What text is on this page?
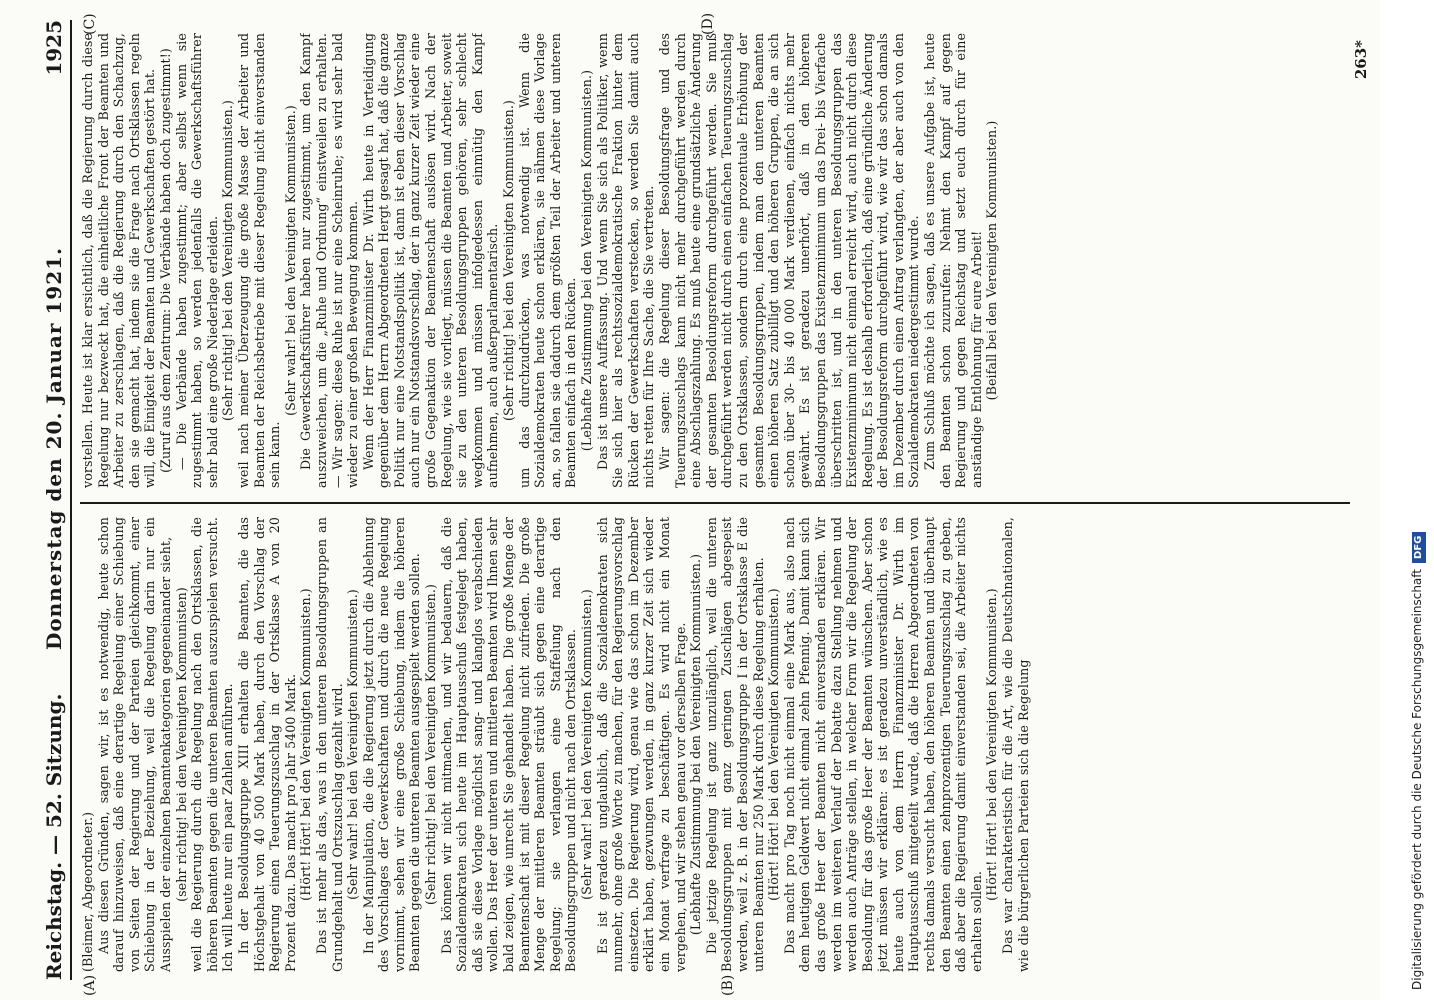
Reichstag. — 52. Sitzung.
Donnerstag den 20. Januar 1921.
1925
(A)	(B)
(C)	(D)

(Bleimer, Abgeordneter.) Aus diesen Gründen, sagen wir, ist es notwendig, heute schon darauf hinzuweisen, daß eine derartige Regelung einer Schiebung von Seiten der Regierung und der Parteien gleichkommt, einer Schiebung in der Beziehung, weil die Regelung darin nur ein Ausspielen der einzelnen Beamtenkategorien gegeneinander sieht, (sehr richtig! bei den Vereinigten Kommunisten) weil die Regierung durch die Regelung nach den Ortsklassen, die höheren Beamten gegen die unteren Beamten auszuspielen versucht. Ich will heute nur ein paar Zahlen anführen. In der Besoldungsgruppe XIII erhalten die Beamten, die das Höchstgehalt von 40 500 Mark haben, durch den Vorschlag der Regierung einen Teuerungszuschlag in der Ortsklasse A von 20 Prozent dazu. Das macht pro Jahr 5400 Mark. (Hört! Hört! bei den Vereinigten Kommunisten.) Das ist mehr als das, was in den unteren Besoldungsgruppen an Grundgehalt und Ortszuschlag gezahlt wird. (Sehr wahr! bei den Vereinigten Kommunisten.) In der Manipulation, die die Regierung jetzt durch die Ablehnung des Vorschlages der Gewerkschaften und durch die neue Regelung vornimmt, sehen wir eine große Schiebung, indem die höheren Beamten gegen die unteren Beamten ausgespielt werden sollen. (Sehr richtig! bei den Vereinigten Kommunisten.) Das können wir nicht mitmachen, und wir bedauern, daß die Sozialdemokraten sich heute im Hauptausschuß festgelegt haben, daß sie diese Vorlage möglichst sang- und klanglos verabschieden wollen. Das Heer der unteren und mittleren Beamten wird Ihnen sehr bald zeigen, wie unrecht Sie gehandelt haben. Die große Menge der Beamtenschaft ist mit dieser Regelung nicht zufrieden. Die große Menge der mittleren Beamten sträubt sich gegen eine derartige Regelung; sie verlangen eine Staffelung nach den Besoldungsgruppen und nicht nach den Ortsklassen. (Sehr wahr! bei den Vereinigten Kommunisten.) Es ist geradezu unglaublich, daß die Sozialdemokraten sich nunmehr, ohne große Worte zu machen, für den Regierungsvorschlag einsetzen. Die Regierung wird, genau wie das schon im Dezember erklärt haben, gezwungen werden, in ganz kurzer Zeit sich wieder ein Monat verfrage zu beschäftigen. Es wird nicht ein Monat vergehen, und wir stehen genau vor derselben Frage. (Lebhafte Zustimmung bei den Vereinigten Kommunisten.) Die jetzige Regelung ist ganz unzulänglich, weil die unteren Besoldungsgruppen mit ganz geringen Zuschlägen abgespeist werden, weil z. B. in der Besoldungsgruppe I in der Ortsklasse E die unteren Beamten nur 250 Mark durch diese Regelung erhalten. (Hört! Hört! bei den Vereinigten Kommunisten.) Das macht pro Tag noch nicht einmal eine Mark aus, also nach dem heutigen Geldwert nicht einmal zehn Pfennig. Damit kann sich das große Heer der Beamten nicht einverstanden erklären. Wir werden im weiteren Verlauf der Debatte dazu Stellung nehmen und werden auch Anträge stellen, in welcher Form wir die Regelung der Besoldung für das große Heer der Beamten wünschen. Aber schon jetzt müssen wir erklären: es ist geradezu unverständlich, wie es heute auch von dem Herrn Finanzminister Dr. Wirth im Hauptausschuß mitgeteilt wurde, daß die Herren Abgeordneten von rechts damals versucht haben, den höheren Beamten und überhaupt den Beamten einen zehnprozentigen Teuerungszuschlag zu geben, daß aber die Regierung damit einverstanden sei, die Arbeiter nichts erhalten sollen.

(Hört! Hört! bei den Vereinigten Kommunisten.) Das war charakteristisch für die Art, wie die Deutschnationalen, wie die bürgerlichen Parteien sich die Regelung

vorstellen. Heute ist klar ersichtlich, daß die Regierung durch diese Regelung nur bezweckt hat, die einheitliche Front der Beamten und Arbeiter zu zerschlagen, daß die Regierung durch den Schachzug, den sie gemacht hat, indem sie die Frage nach Ortsklassen regeln will, die Einigkeit der Beamten und Gewerkschaften gestört hat. (Zuruf aus dem Zentrum: Die Verbände haben doch zugestimmt!) — Die Verbände haben zugestimmt; aber selbst wenn sie zugestimmt haben, so werden jedenfalls die Gewerkschaftsführer sehr bald eine große Niederlage erleiden. (Sehr richtig! bei den Vereinigten Kommunisten.) weil nach meiner Überzeugung die große Masse der Arbeiter und Beamten der Reichsbetriebe mit dieser Regelung nicht einverstanden sein kann.

(Sehr wahr! bei den Vereinigten Kommunisten.) Die Gewerkschaftsführer haben nur zugestimmt, um den Kampf auszuweichen, um die „Ruhe und Ordnung“ einstweilen zu erhalten. — Wir sagen: diese Ruhe ist nur eine Scheinruhe; es wird sehr bald wieder zu einer großen Bewegung kommen. Wenn der Herr Finanzminister Dr. Wirth heute in Verteidigung gegenüber dem Herrn Abgeordneten Hergt gesagt hat, daß die ganze Politik nur eine Notstandspolitik ist, dann ist eben dieser Vorschlag auch nur ein Notstandsvorschlag, der in ganz kurzer Zeit wieder eine große Gegenaktion der Beamtenschaft auslösen wird. Nach der Regelung, wie sie vorliegt, müssen die Beamten und Arbeiter, soweit sie zu den unteren Besoldungsgruppen gehören, sehr schlecht wegkommen und müssen infolgedessen einmütig den Kampf aufnehmen, auch außerparlamentarisch. (Sehr richtig! bei den Vereinigten Kommunisten.) um das durchzudrücken, was notwendig ist. Wenn die Sozialdemokraten heute schon erklären, sie nähmen diese Vorlage an, so fallen sie dadurch dem größten Teil der Arbeiter und unteren Beamten einfach in den Rücken. (Lebhafte Zustimmung bei den Vereinigten Kommunisten.) Das ist unsere Auffassung. Und wenn Sie sich als Politiker, wenn Sie sich hier als rechtssozialdemokratische Fraktion hinter dem Rücken der Gewerkschaften verstecken, so werden Sie damit auch nichts retten für Ihre Sache, die Sie vertreten. Wir sagen: die Regelung dieser Besoldungsfrage und des Teuerungszuschlags kann nicht mehr durchgeführt werden durch eine Abschlagszahlung. Es muß heute eine grundsätzliche Änderung der gesamten Besoldungsreform durchgeführt werden. Sie muß durchgeführt werden nicht durch einen einfachen Teuerungszuschlag zu den Ortsklassen, sondern durch eine prozentuale Erhöhung der gesamten Besoldungsgruppen, indem man den unteren Beamten einen höheren Satz zubilligt und den höheren Gruppen, die an sich schon über 30- bis 40 000 Mark verdienen, einfach nichts mehr gewährt. Es ist geradezu unerhört, daß in den höheren Besoldungsgruppen das Existenzminimum um das Drei- bis Vierfache überschritten ist, und in den unteren Besoldungsgruppen das Existenzminimum nicht einmal erreicht wird, auch nicht durch diese Regelung. Es ist deshalb erforderlich, daß eine gründliche Änderung der Besoldungsreform durchgeführt wird, wie wir das schon damals im Dezember durch einen Antrag verlangten, der aber auch von den Sozialdemokraten niedergestimmt wurde. Zum Schluß möchte ich sagen, daß es unsere Aufgabe ist, heute den Beamten schon zuzurufen: Nehmt den Kampf auf gegen Regierung und gegen Reichstag und setzt euch durch für eine anständige Entlohnung für eure Arbeit! (Beifall bei den Vereinigten Kommunisten.)

263*
Digitalisierung gefördert durch die Deutsche ForschungsgemeinschaftDFG
